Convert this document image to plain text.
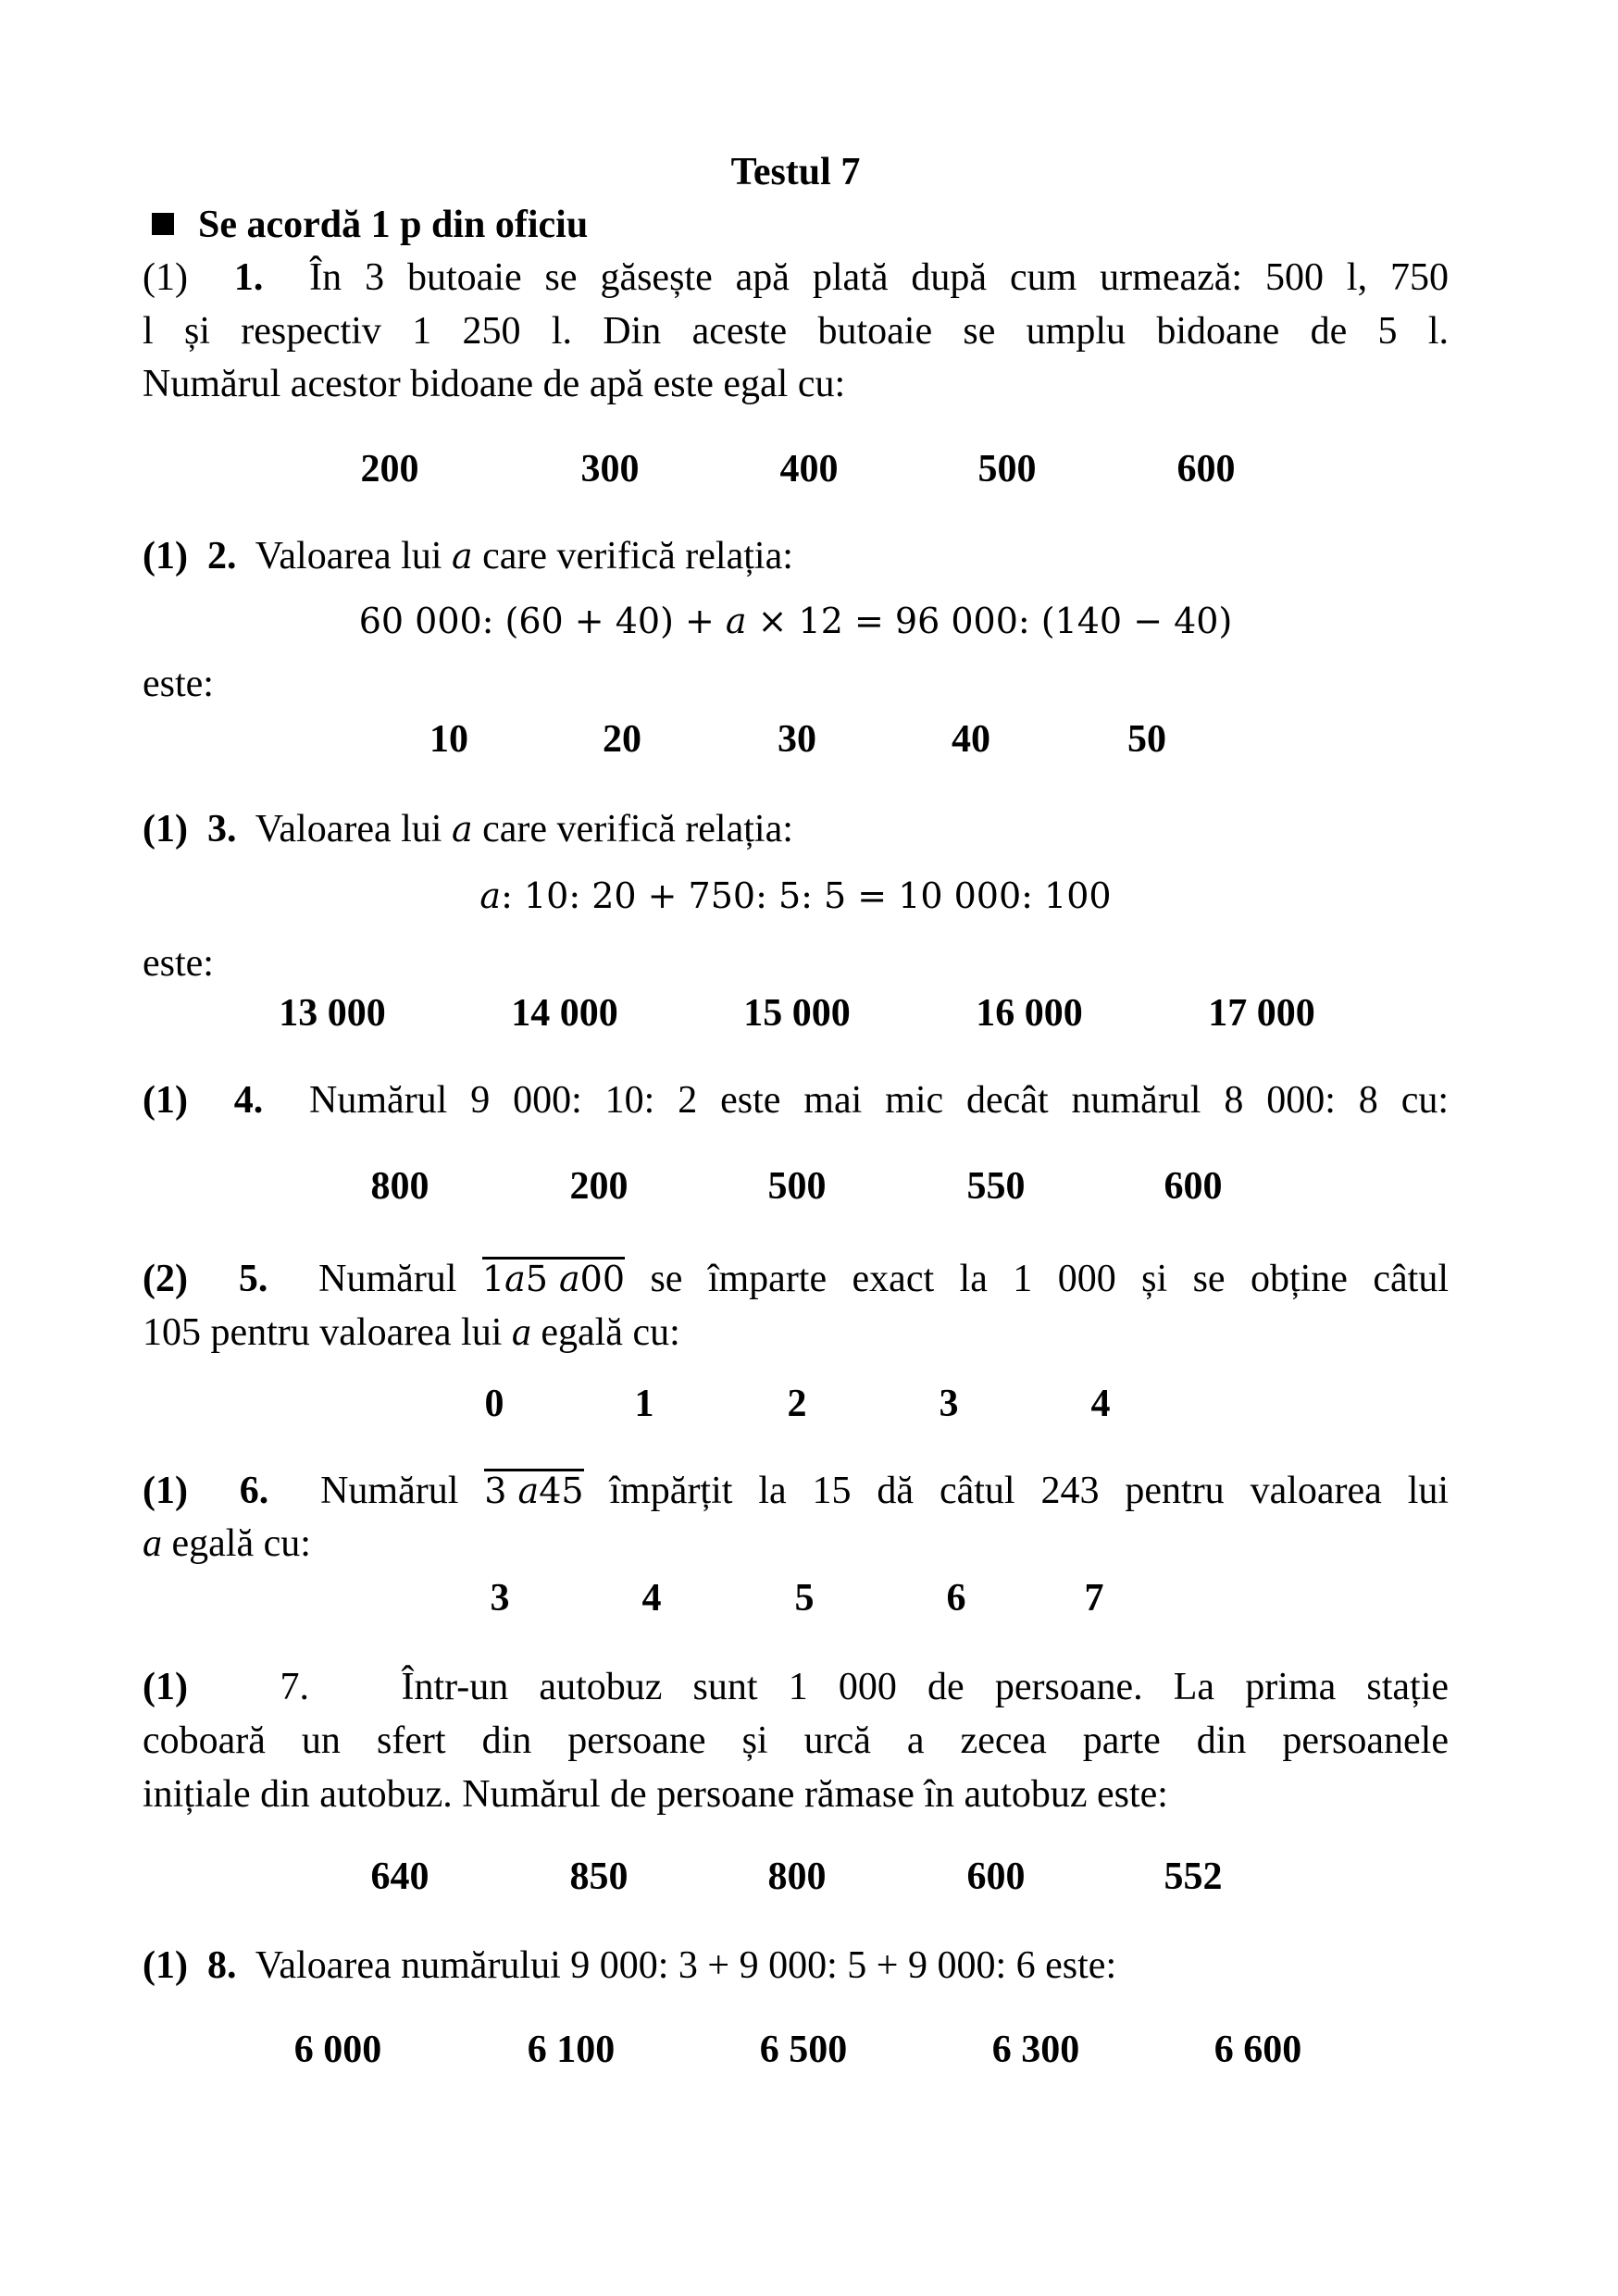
Testul 7
Se acordă 1 p din oficiu
(1) 1. În 3 butoaie se găsește apă plată după cum urmează: 500 l, 750
l și respectiv 1 250 l. Din aceste butoaie se umplu bidoane de 5 l.
Numărul acestor bidoane de apă este egal cu:
200	300	400	500	600
(1) 2. Valoarea lui a care verifică relația:
60 000: (60 + 40) + a × 12 = 96 000: (140 − 40)
este:
10	20	30	40	50
(1) 3. Valoarea lui a care verifică relația:
a: 10: 20 + 750: 5: 5 = 10 000: 100
este:
13 000	14 000	15 000	16 000	17 000
(1) 4. Numărul 9 000: 10: 2 este mai mic decât numărul 8 000: 8 cu:
800	200	500	550	600
(2) 5. Numărul 1a5 a00 se împarte exact la 1 000 și se obține câtul
105 pentru valoarea lui a egală cu:
0	1	2	3	4
(1) 6. Numărul 3 a45 împărțit la 15 dă câtul 243 pentru valoarea lui
a egală cu:
3	4	5	6	7
(1) 7. Într-un autobuz sunt 1 000 de persoane. La prima stație
coboară un sfert din persoane și urcă a zecea parte din persoanele
inițiale din autobuz. Numărul de persoane rămase în autobuz este:
640	850	800	600	552
(1) 8. Valoarea numărului 9 000: 3 + 9 000: 5 + 9 000: 6 este:
6 000	6 100	6 500	6 300	6 600
